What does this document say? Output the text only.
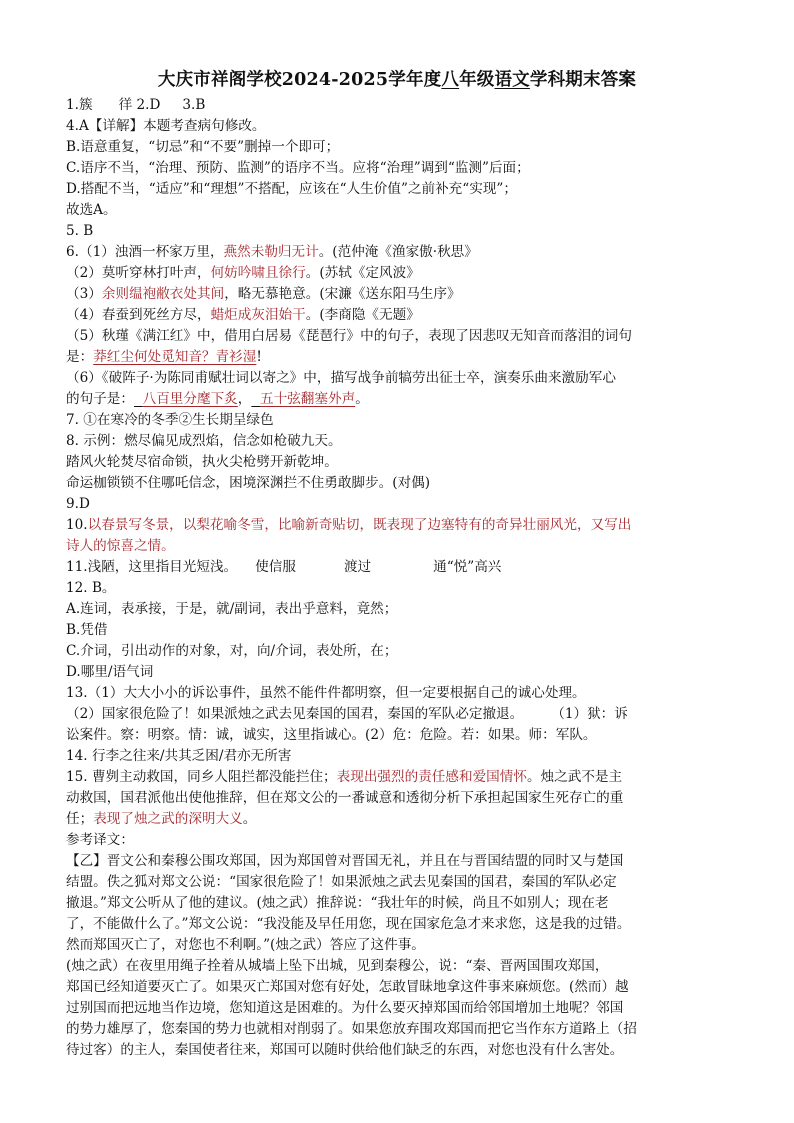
大庆市祥阁学校2024-2025学年度八年级语文学科期末答案
1.簇 徉 2.D 3.B
4.A【详解】本题考查病句修改。
B.语意重复，“切忌”和“不要”删掉一个即可；
C.语序不当，“治理、预防、监测”的语序不当。应将“治理”调到“监测”后面；
D.搭配不当，“适应”和“理想”不搭配，应该在“人生价值”之前补充“实现”；
故选A。
5. B
6.（1）浊酒一杯家万里，燕然未勒归无计。(范仲淹《渔家傲·秋思》
（2）莫听穿林打叶声，何妨吟啸且徐行。(苏轼《定风波》
（3）余则缊袍敝衣处其间，略无慕艳意。(宋濂《送东阳马生序》
（4）春蚕到死丝方尽，蜡炬成灰泪始干。(李商隐《无题》
（5）秋瑾《满江红》中，借用白居易《琵琶行》中的句子，表现了因悲叹无知音而落泪的词句
是：莽红尘何处觅知音？青衫湿!
（6）《破阵子·为陈同甫赋壮词以寄之》中，描写战争前犒劳出征士卒，演奏乐曲来激励军心
的句子是： 八百里分麾下炙， 五十弦翻塞外声。
7. ①在寒冷的冬季②生长期呈绿色
8. 示例：燃尽偏见成烈焰，信念如枪破九天。
踏风火轮焚尽宿命锁，执火尖枪劈开新乾坤。
命运枷锁锁不住哪吒信念，困境深渊拦不住勇敢脚步。(对偶)
9.D
10.以春景写冬景，以梨花喻冬雪，比喻新奇贴切，既表现了边塞特有的奇异壮丽风光，又写出
诗人的惊喜之情。
11.浅陋，这里指目光短浅。 使信服	渡过	通“悦”高兴
12. B。
A.连词，表承接，于是，就/副词，表出乎意料，竟然；
B.凭借
C.介词，引出动作的对象，对，向/介词，表处所，在；
D.哪里/语气词
13.（1）大大小小的诉讼事件，虽然不能件件都明察，但一定要根据自己的诚心处理。
（2）国家很危险了！如果派烛之武去见秦国的国君，秦国的军队必定撤退。 （1）狱：诉
讼案件。察：明察。情：诚，诚实，这里指诚心。(2）危：危险。若：如果。师：军队。
14. 行李之往来/共其乏困/君亦无所害
15. 曹刿主动救国，同乡人阻拦都没能拦住；表现出强烈的责任感和爱国情怀。烛之武不是主
动救国，国君派他出使他推辞，但在郑文公的一番诚意和透彻分析下承担起国家生死存亡的重
任；表现了烛之武的深明大义。
参考译文：
【乙】晋文公和秦穆公围攻郑国，因为郑国曾对晋国无礼，并且在与晋国结盟的同时又与楚国
结盟。佚之狐对郑文公说：“国家很危险了！如果派烛之武去见秦国的国君，秦国的军队必定
撤退。”郑文公听从了他的建议。(烛之武）推辞说：“我壮年的时候，尚且不如别人；现在老
了，不能做什么了。”郑文公说：“我没能及早任用您，现在国家危急才来求您，这是我的过错。
然而郑国灭亡了，对您也不利啊。”(烛之武）答应了这件事。
(烛之武）在夜里用绳子拴着从城墙上坠下出城，见到秦穆公，说：“秦、晋两国围攻郑国，
郑国已经知道要灭亡了。如果灭亡郑国对您有好处，怎敢冒昧地拿这件事来麻烦您。(然而）越
过别国而把远地当作边境，您知道这是困难的。为什么要灭掉郑国而给邻国增加土地呢？邻国
的势力雄厚了，您秦国的势力也就相对削弱了。如果您放弃围攻郑国而把它当作东方道路上（招
待过客）的主人，秦国使者往来，郑国可以随时供给他们缺乏的东西，对您也没有什么害处。
